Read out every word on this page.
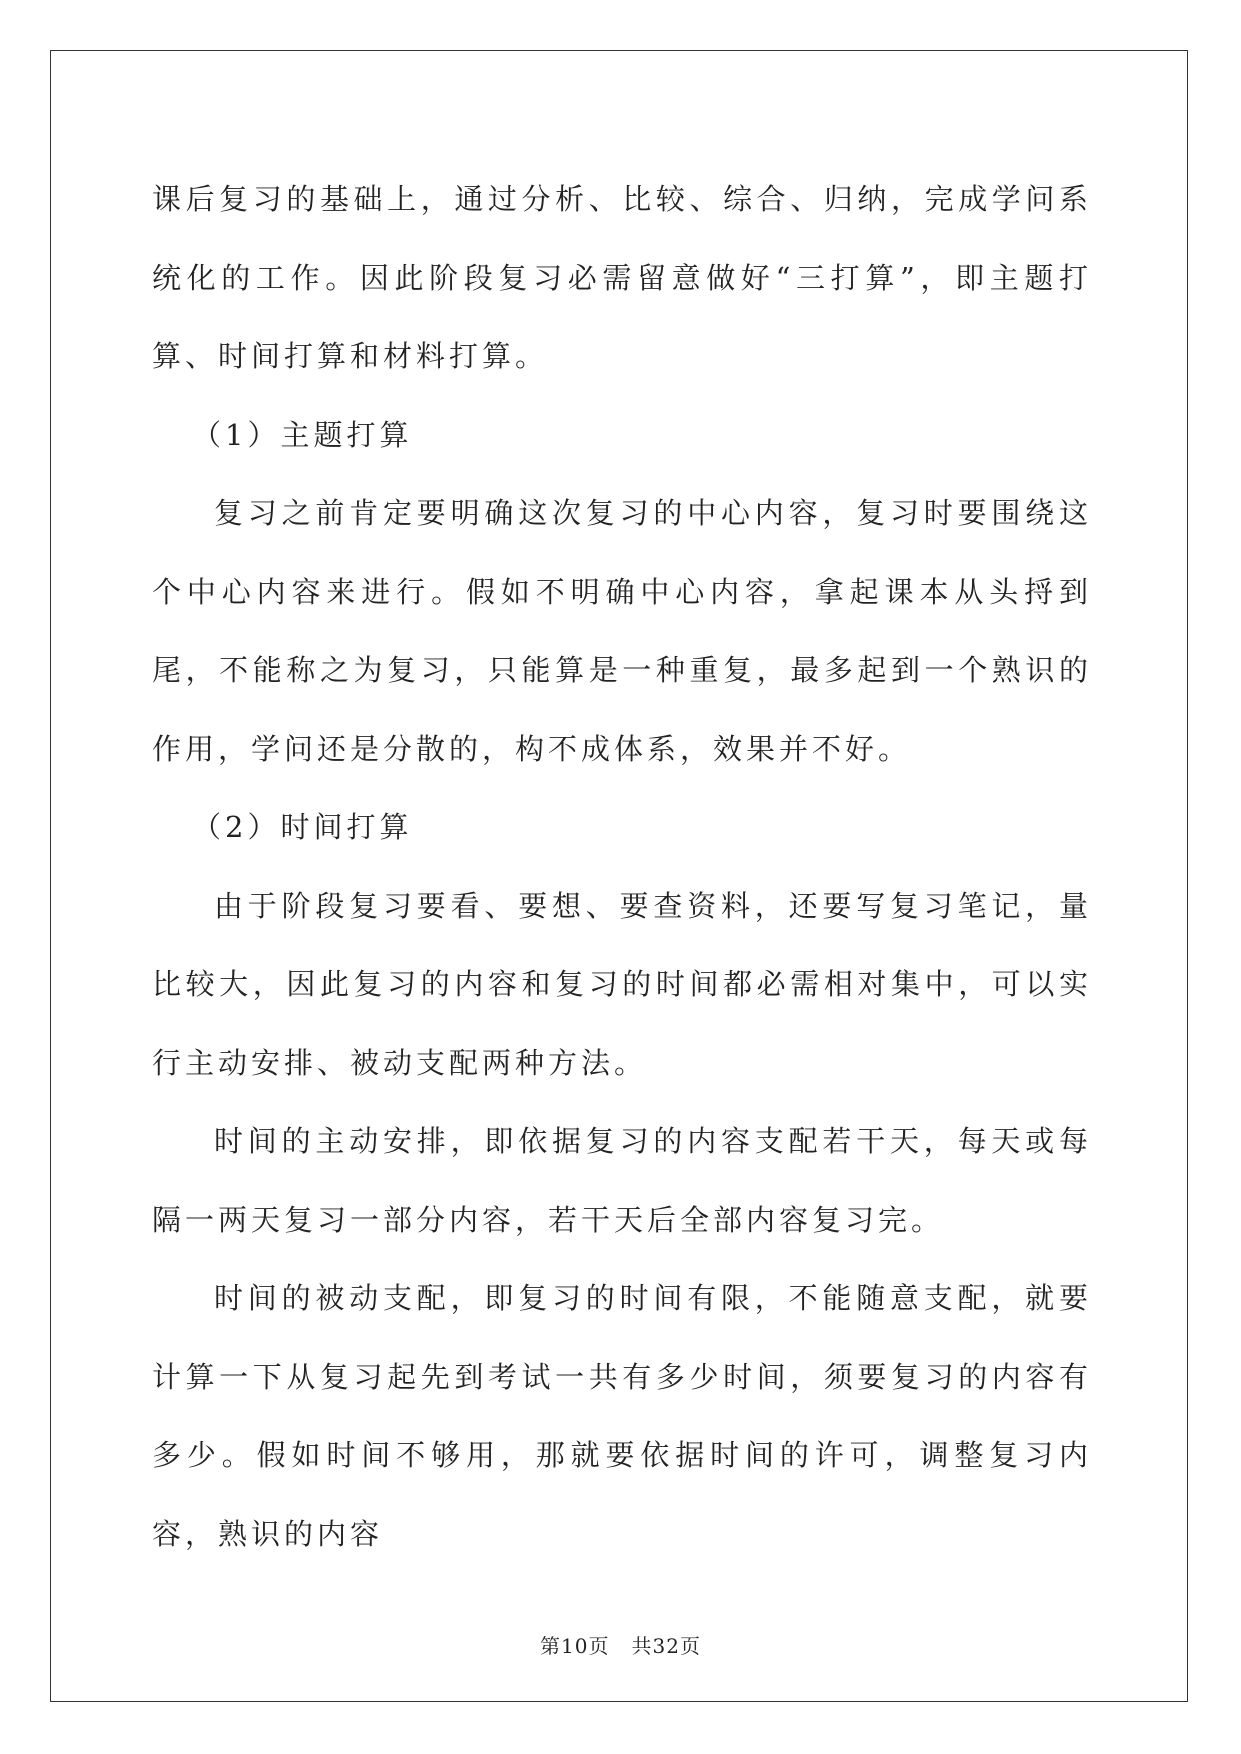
课后复习的基础上，通过分析、比较、综合、归纳，完成学问系统化的工作。因此阶段复习必需留意做好“三打算”，即主题打算、时间打算和材料打算。

（1）主题打算

复习之前肯定要明确这次复习的中心内容，复习时要围绕这个中心内容来进行。假如不明确中心内容，拿起课本从头捋到尾，不能称之为复习，只能算是一种重复，最多起到一个熟识的作用，学问还是分散的，构不成体系，效果并不好。

（2）时间打算

由于阶段复习要看、要想、要查资料，还要写复习笔记，量比较大，因此复习的内容和复习的时间都必需相对集中，可以实行主动安排、被动支配两种方法。

时间的主动安排，即依据复习的内容支配若干天，每天或每隔一两天复习一部分内容，若干天后全部内容复习完。

时间的被动支配，即复习的时间有限，不能随意支配，就要计算一下从复习起先到考试一共有多少时间，须要复习的内容有多少。假如时间不够用，那就要依据时间的许可，调整复习内容，熟识的内容

第10页 共32页
